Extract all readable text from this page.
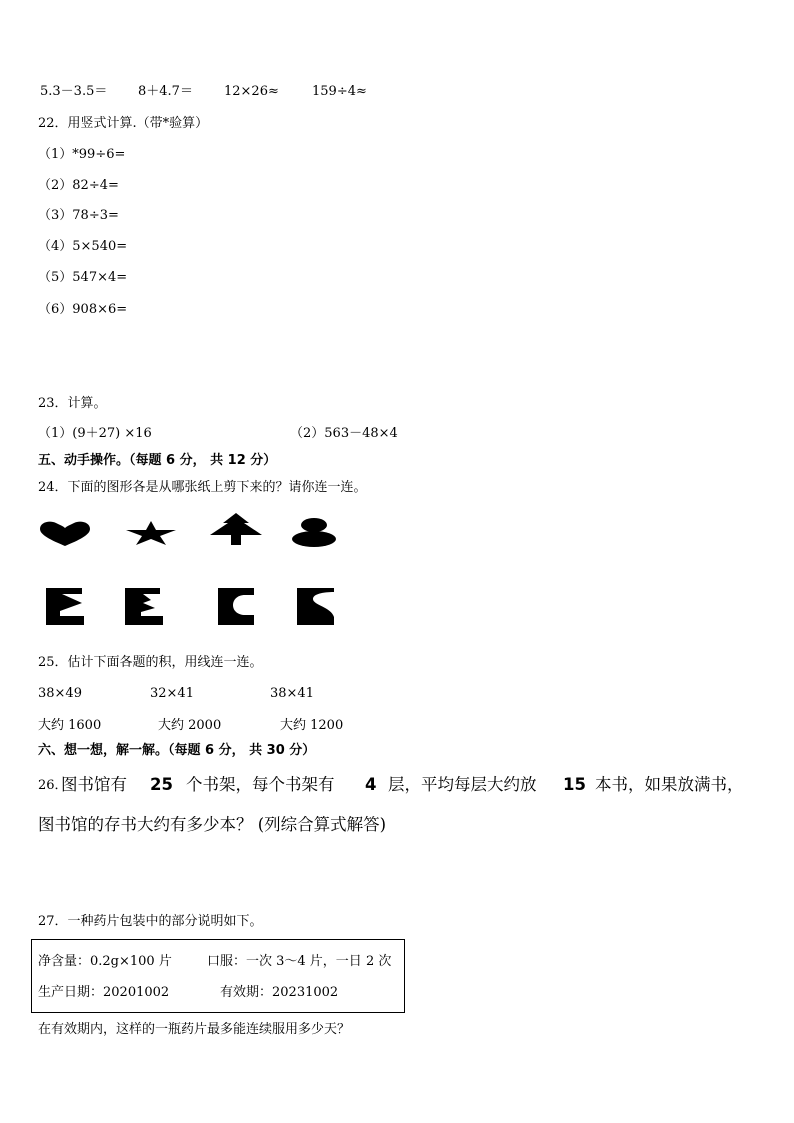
5.3－3.5＝ 8＋4.7＝ 12×26≈	159÷4≈
22．用竖式计算.（带*验算）
（1）*99÷6=
（2）82÷4=
（3）78÷3=
（4）5×540=
（5）547×4=
（6）908×6=
23．计算。
（1）(9＋27) ×16	（2）563－48×4
五、动手操作。（每题 6 分， 共 12 分）
24．下面的图形各是从哪张纸上剪下来的？请你连一连。
25．估计下面各题的积，用线连一连。
38×49	32×41	38×41
大约 1600	大约 2000	大约 1200
六、想一想，解一解。（每题 6 分， 共 30 分）
26．
图书馆有 25 个书架，每个书架有 4 层，平均每层大约放 15 本书，如果放满书，
图书馆的存书大约有多少本？ (列综合算式解答)
27．一种药片包装中的部分说明如下。
净含量：0.2g×100 片	口服：一次 3～4 片，一日 2 次
生产日期：20201002	有效期：20231002
在有效期内，这样的一瓶药片最多能连续服用多少天？
